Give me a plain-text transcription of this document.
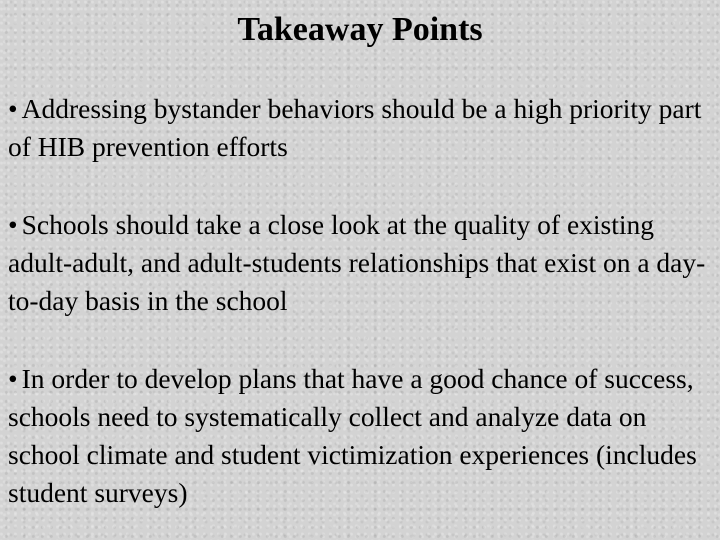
Takeaway Points

• Addressing bystander behaviors should be a high priority part of HIB prevention efforts

• Schools should take a close look at the quality of existing adult-adult, and adult-students relationships that exist on a day-to-day basis in the school

• In order to develop plans that have a good chance of success, schools need to systematically collect and analyze data on school climate and student victimization experiences (includes student surveys)
